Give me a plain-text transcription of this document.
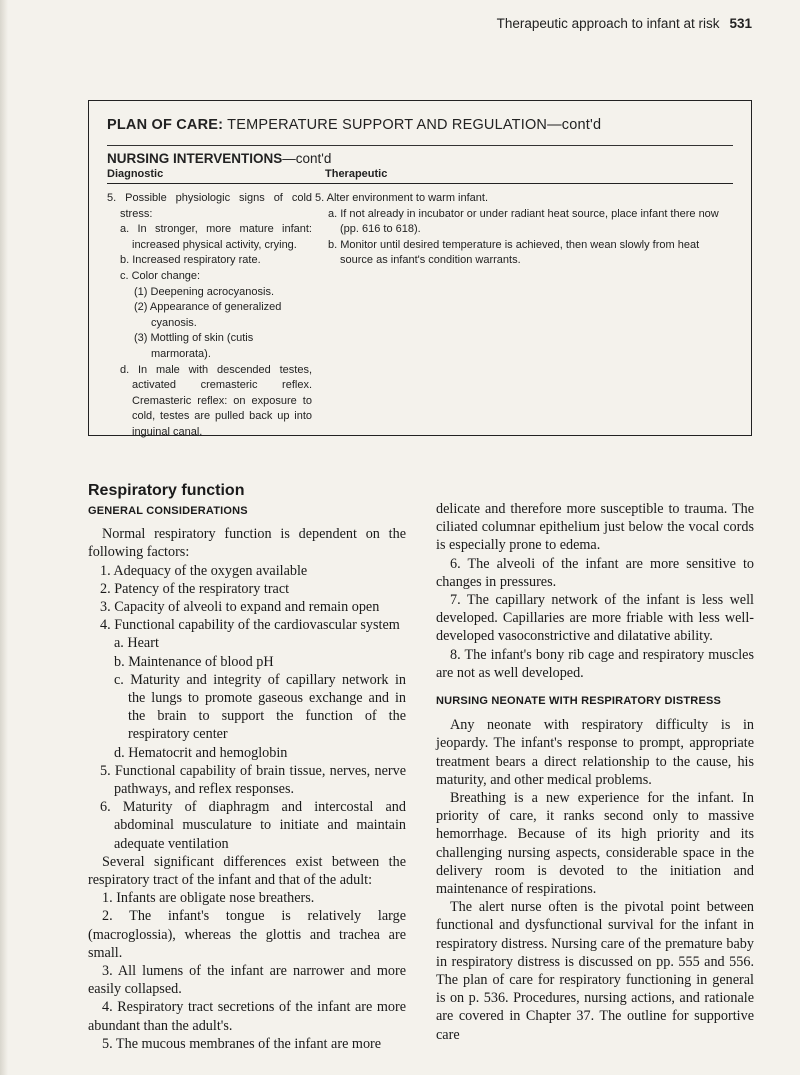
Therapeutic approach to infant at risk 531
PLAN OF CARE: TEMPERATURE SUPPORT AND REGULATION—cont'd
NURSING INTERVENTIONS—cont'd
Diagnostic	Therapeutic
5. Possible physiologic signs of cold stress:
a. In stronger, more mature infant: increased physical activity, crying.
b. Increased respiratory rate.
c. Color change:
(1) Deepening acrocyanosis.
(2) Appearance of generalized cyanosis.
(3) Mottling of skin (cutis marmorata).
d. In male with descended testes, activated cremasteric reflex. Cremasteric reflex: on exposure to cold, testes are pulled back up into inguinal canal.
5. Alter environment to warm infant.
a. If not already in incubator or under radiant heat source, place infant there now (pp. 616 to 618).
b. Monitor until desired temperature is achieved, then wean slowly from heat source as infant's condition warrants.
Respiratory function
GENERAL CONSIDERATIONS

Normal respiratory function is dependent on the following factors:

1. Adequacy of the oxygen available
2. Patency of the respiratory tract
3. Capacity of alveoli to expand and remain open
4. Functional capability of the cardiovascular system
a. Heart
b. Maintenance of blood pH
c. Maturity and integrity of capillary network in the lungs to promote gaseous exchange and in the brain to support the function of the respiratory center
d. Hematocrit and hemoglobin
5. Functional capability of brain tissue, nerves, nerve pathways, and reflex responses.
6. Maturity of diaphragm and intercostal and abdominal musculature to initiate and maintain adequate ventilation

Several significant differences exist between the respiratory tract of the infant and that of the adult:

1. Infants are obligate nose breathers.

2. The infant's tongue is relatively large (macroglossia), whereas the glottis and trachea are small.

3. All lumens of the infant are narrower and more easily collapsed.

4. Respiratory tract secretions of the infant are more abundant than the adult's.

5. The mucous membranes of the infant are more

delicate and therefore more susceptible to trauma. The ciliated columnar epithelium just below the vocal cords is especially prone to edema.

6. The alveoli of the infant are more sensitive to changes in pressures.

7. The capillary network of the infant is less well developed. Capillaries are more friable with less well-developed vasoconstrictive and dilatative ability.

8. The infant's bony rib cage and respiratory muscles are not as well developed.

NURSING NEONATE WITH RESPIRATORY DISTRESS

Any neonate with respiratory difficulty is in jeopardy. The infant's response to prompt, appropriate treatment bears a direct relationship to the cause, his maturity, and other medical problems.

Breathing is a new experience for the infant. In priority of care, it ranks second only to massive hemorrhage. Because of its high priority and its challenging nursing aspects, considerable space in the delivery room is devoted to the initiation and maintenance of respirations.

The alert nurse often is the pivotal point between functional and dysfunctional survival for the infant in respiratory distress. Nursing care of the premature baby in respiratory distress is discussed on pp. 555 and 556. The plan of care for respiratory functioning in general is on p. 536. Procedures, nursing actions, and rationale are covered in Chapter 37. The outline for supportive care
